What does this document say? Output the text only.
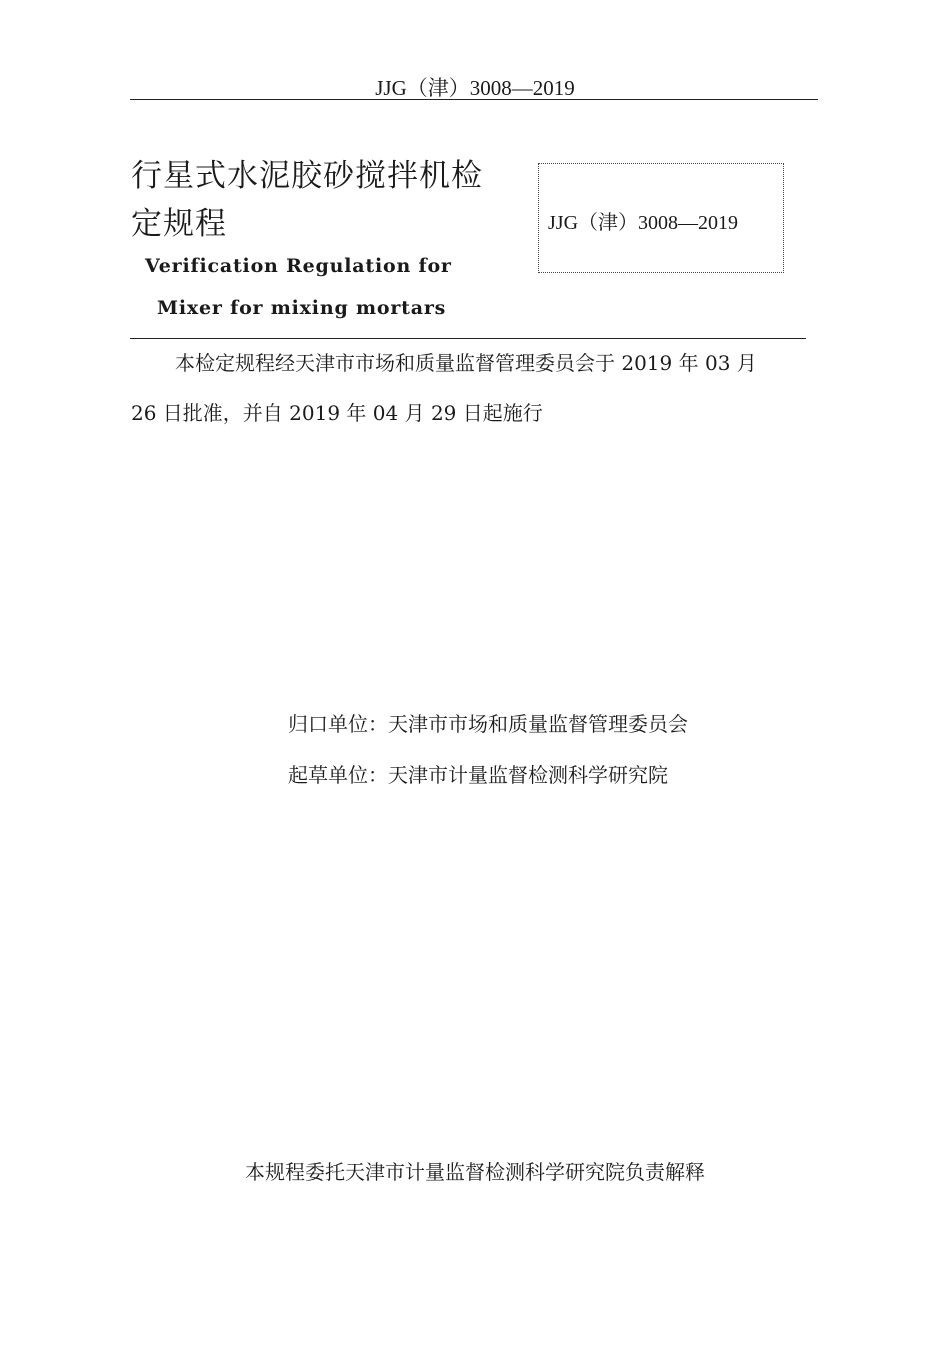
JJG（津）3008—2019
行星式水泥胶砂搅拌机检
定规程	JJG（津）3008—2019
Verification Regulation for
Mixer for mixing mortars
本检定规程经天津市市场和质量监督管理委员会于 2019 年 03 月
26 日批准，并自 2019 年 04 月 29 日起施行
归口单位：天津市市场和质量监督管理委员会
起草单位：天津市计量监督检测科学研究院
本规程委托天津市计量监督检测科学研究院负责解释
